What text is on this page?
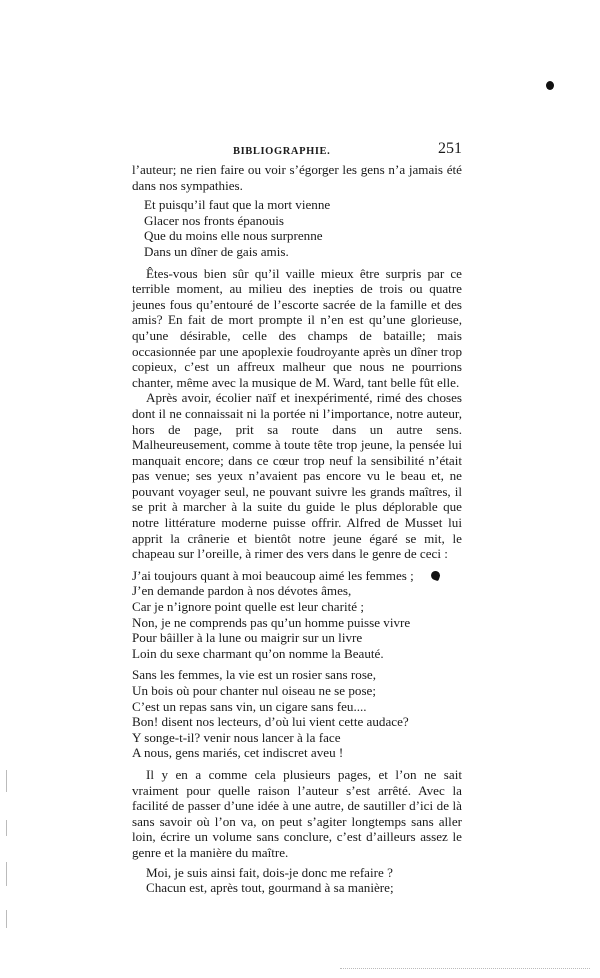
BIBLIOGRAPHIE.	251

l’auteur; ne rien faire ou voir s’égorger les gens n’a jamais été dans nos sympathies.

Et puisqu’il faut que la mort vienne
Glacer nos fronts épanouis
Que du moins elle nous surprenne
Dans un dîner de gais amis.

Êtes-vous bien sûr qu’il vaille mieux être surpris par ce terrible moment, au milieu des inepties de trois ou quatre jeunes fous qu’entouré de l’escorte sacrée de la famille et des amis? En fait de mort prompte il n’en est qu’une glorieuse, qu’une désirable, celle des champs de bataille; mais occasionnée par une apoplexie foudroyante après un dîner trop copieux, c’est un affreux malheur que nous ne pourrions chanter, même avec la musique de M. Ward, tant belle fût elle.

Après avoir, écolier naïf et inexpérimenté, rimé des choses dont il ne connaissait ni la portée ni l’importance, notre auteur, hors de page, prit sa route dans un autre sens. Malheureusement, comme à toute tête trop jeune, la pensée lui manquait encore; dans ce cœur trop neuf la sensibilité n’était pas venue; ses yeux n’avaient pas encore vu le beau et, ne pouvant voyager seul, ne pouvant suivre les grands maîtres, il se prit à marcher à la suite du guide le plus déplorable que notre littérature moderne puisse offrir. Alfred de Musset lui apprit la crânerie et bientôt notre jeune égaré se mit, le chapeau sur l’oreille, à rimer des vers dans le genre de ceci :

J’ai toujours quant à moi beaucoup aimé les femmes ;
J’en demande pardon à nos dévotes âmes,
Car je n’ignore point quelle est leur charité ;
Non, je ne comprends pas qu’un homme puisse vivre
Pour bâiller à la lune ou maigrir sur un livre
Loin du sexe charmant qu’on nomme la Beauté.
Sans les femmes, la vie est un rosier sans rose,
Un bois où pour chanter nul oiseau ne se pose;
C’est un repas sans vin, un cigare sans feu....
Bon! disent nos lecteurs, d’où lui vient cette audace?
Y songe-t-il? venir nous lancer à la face
A nous, gens mariés, cet indiscret aveu !

Il y en a comme cela plusieurs pages, et l’on ne sait vraiment pour quelle raison l’auteur s’est arrêté. Avec la facilité de passer d’une idée à une autre, de sautiller d’ici de là sans savoir où l’on va, on peut s’agiter longtemps sans aller loin, écrire un volume sans conclure, c’est d’ailleurs assez le genre et la manière du maître.

Moi, je suis ainsi fait, dois-je donc me refaire ?
Chacun est, après tout, gourmand à sa manière;
